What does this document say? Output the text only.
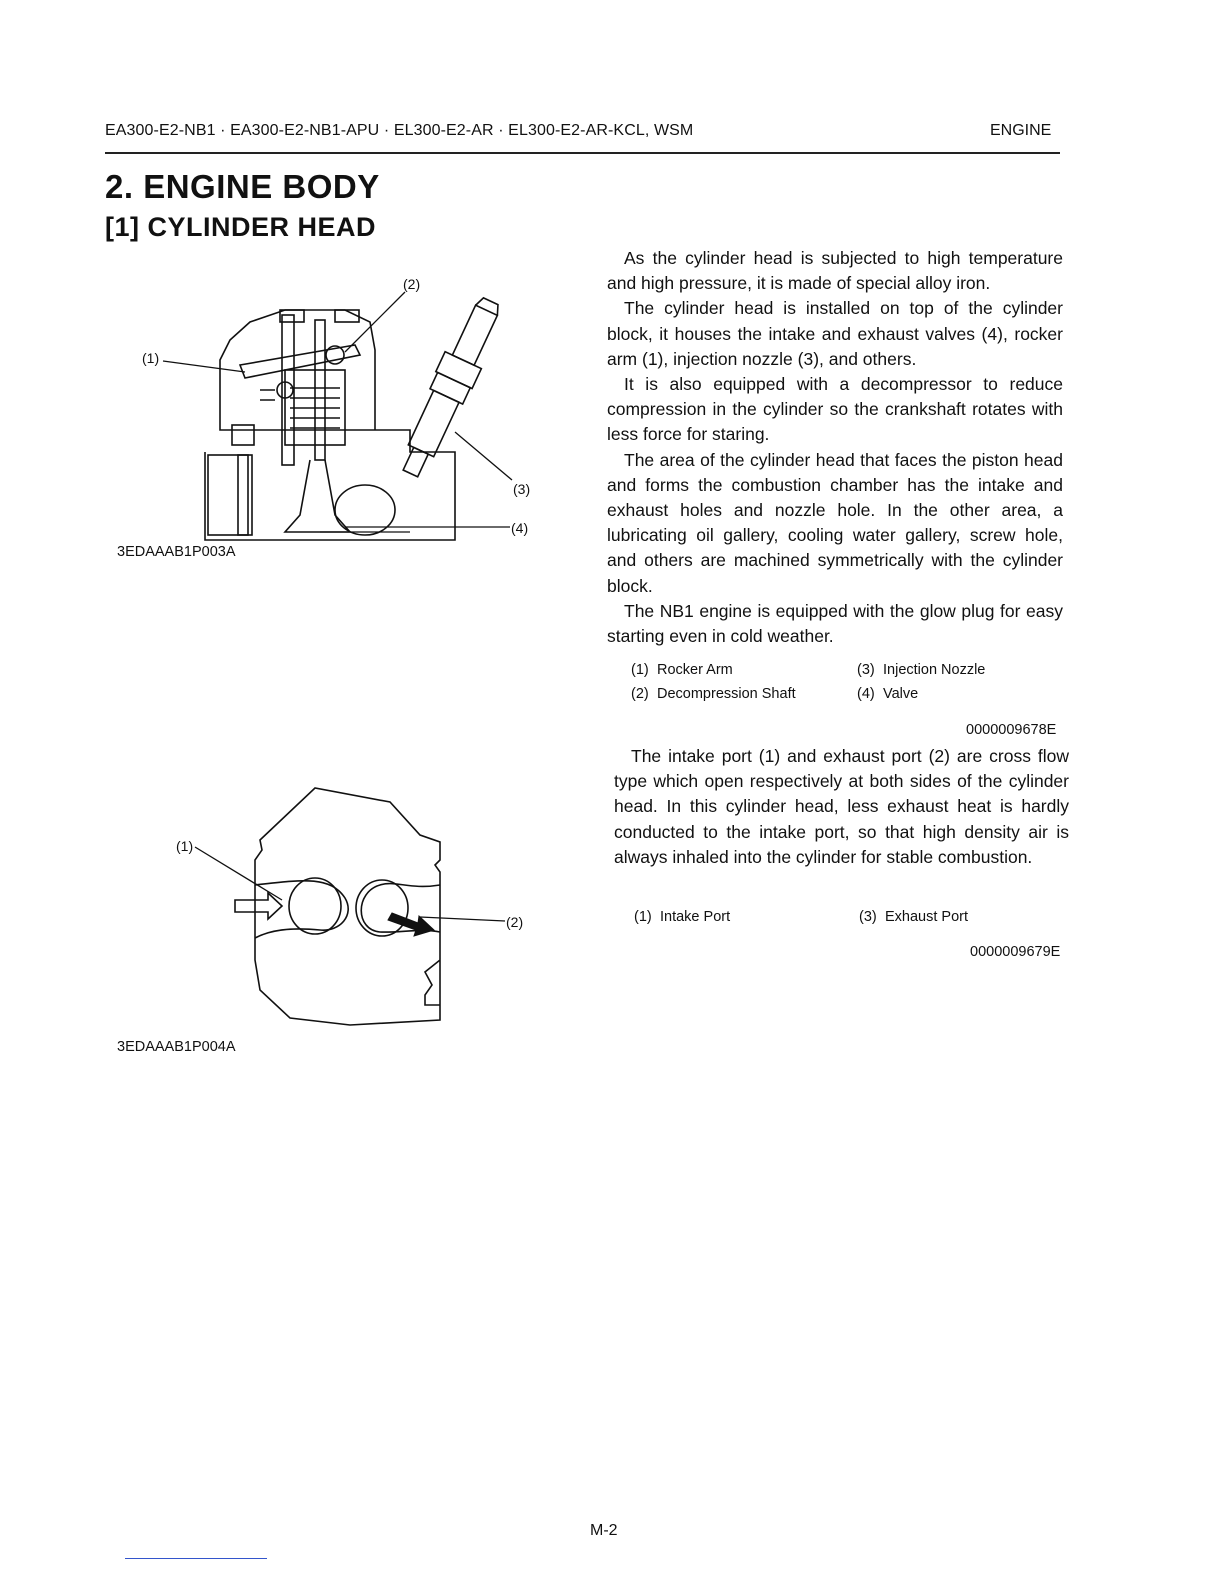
EA300-E2-NB1 · EA300-E2-NB1-APU · EL300-E2-AR · EL300-E2-AR-KCL, WSM	ENGINE
2. ENGINE BODY
[1] CYLINDER HEAD
(1)
(2)
(3)
(4)
3EDAAAB1P003A
(1)
(2)
3EDAAAB1P004A

As the cylinder head is subjected to high temperature and high pressure, it is made of special alloy iron.

The cylinder head is installed on top of the cylinder block, it houses the intake and exhaust valves (4), rocker arm (1), injection nozzle (3), and others.

It is also equipped with a decompressor to reduce compression in the cylinder so the crankshaft rotates with less force for staring.

The area of the cylinder head that faces the piston head and forms the combustion chamber has the intake and exhaust holes and nozzle hole. In the other area, a lubricating oil gallery, cooling water gallery, screw hole, and others are machined symmetrically with the cylinder block.

The NB1 engine is equipped with the glow plug for easy starting even in cold weather.

(1) Rocker Arm
(2) Decompression Shaft
(3) Injection Nozzle
(4) Valve
0000009678E

The intake port (1) and exhaust port (2) are cross flow type which open respectively at both sides of the cylinder head. In this cylinder head, less exhaust heat is hardly conducted to the intake port, so that high density air is always inhaled into the cylinder for stable combustion.

(1) Intake Port	(3) Exhaust Port
0000009679E
M-2
